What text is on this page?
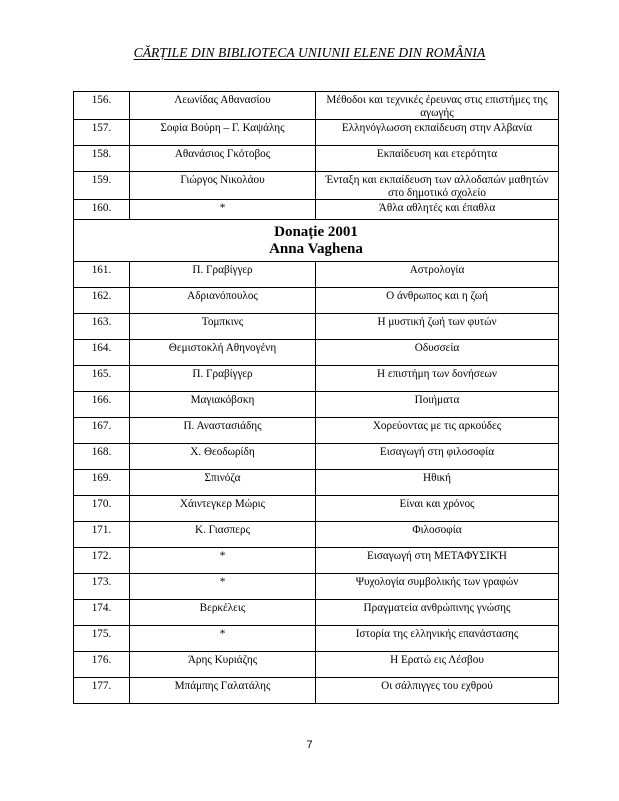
CĂRȚILE DIN BIBLIOTECA UNIUNII ELENE DIN ROMÂNIA
156.	Λεωνίδας Αθανασίου	Μέθοδοι και τεχνικές έρευνας στις επιστήμες της αγωγής
157.	Σοφία Βούρη – Γ. Καψάλης	Ελληνόγλωσση εκπαίδευση στην Αλβανία
158.	Αθανάσιος Γκότοβος	Εκπαίδευση και ετερότητα
159.	Γιώργος Νικολάου	Ένταξη και εκπαίδευση των αλλοδαπών μαθητών στο δημοτικό σχολείο
160.	*	Άθλα αθλητές και έπαθλα

Donație 2001
Anna Vaghena		

161.	Π. Γραβίγγερ	Αστρολογία
162.	Αδριανόπουλος	Ο άνθρωπος και η ζωή
163.	Τομπκινς	Η μυστική ζωή των φυτών
164.	Θεμιστοκλή Αθηνογένη	Οδυσσεία
165.	Π. Γραβίγγερ	Η επιστήμη των δονήσεων
166.	Μαγιακόβσκη	Ποιήματα
167.	Π. Αναστασιάδης	Χορεύοντας με τις αρκούδες
168.	Χ. Θεοδωρίδη	Εισαγωγή στη φιλοσοφία
169.	Σπινόζα	Ηθική
170.	Χάιντεγκερ Μώρις	Είναι και χρόνος
171.	Κ. Γιασπερς	Φιλοσοφία
172.	*	Εισαγωγή στη ΜΕΤΑΦΥΣΙΚΉ
173.	*	Ψυχολογία συμβολικής των γραφών
174.	Βερκέλεις	Πραγματεία ανθρώπινης γνώσης
175.	*	Ιστορία της ελληνικής επανάστασης
176.	Άρης Κυριάζης	Η Ερατώ εις Λέσβου
177.	Μπάμπης Γαλατάλης	Οι σάλπιγγες του εχθρού
7
